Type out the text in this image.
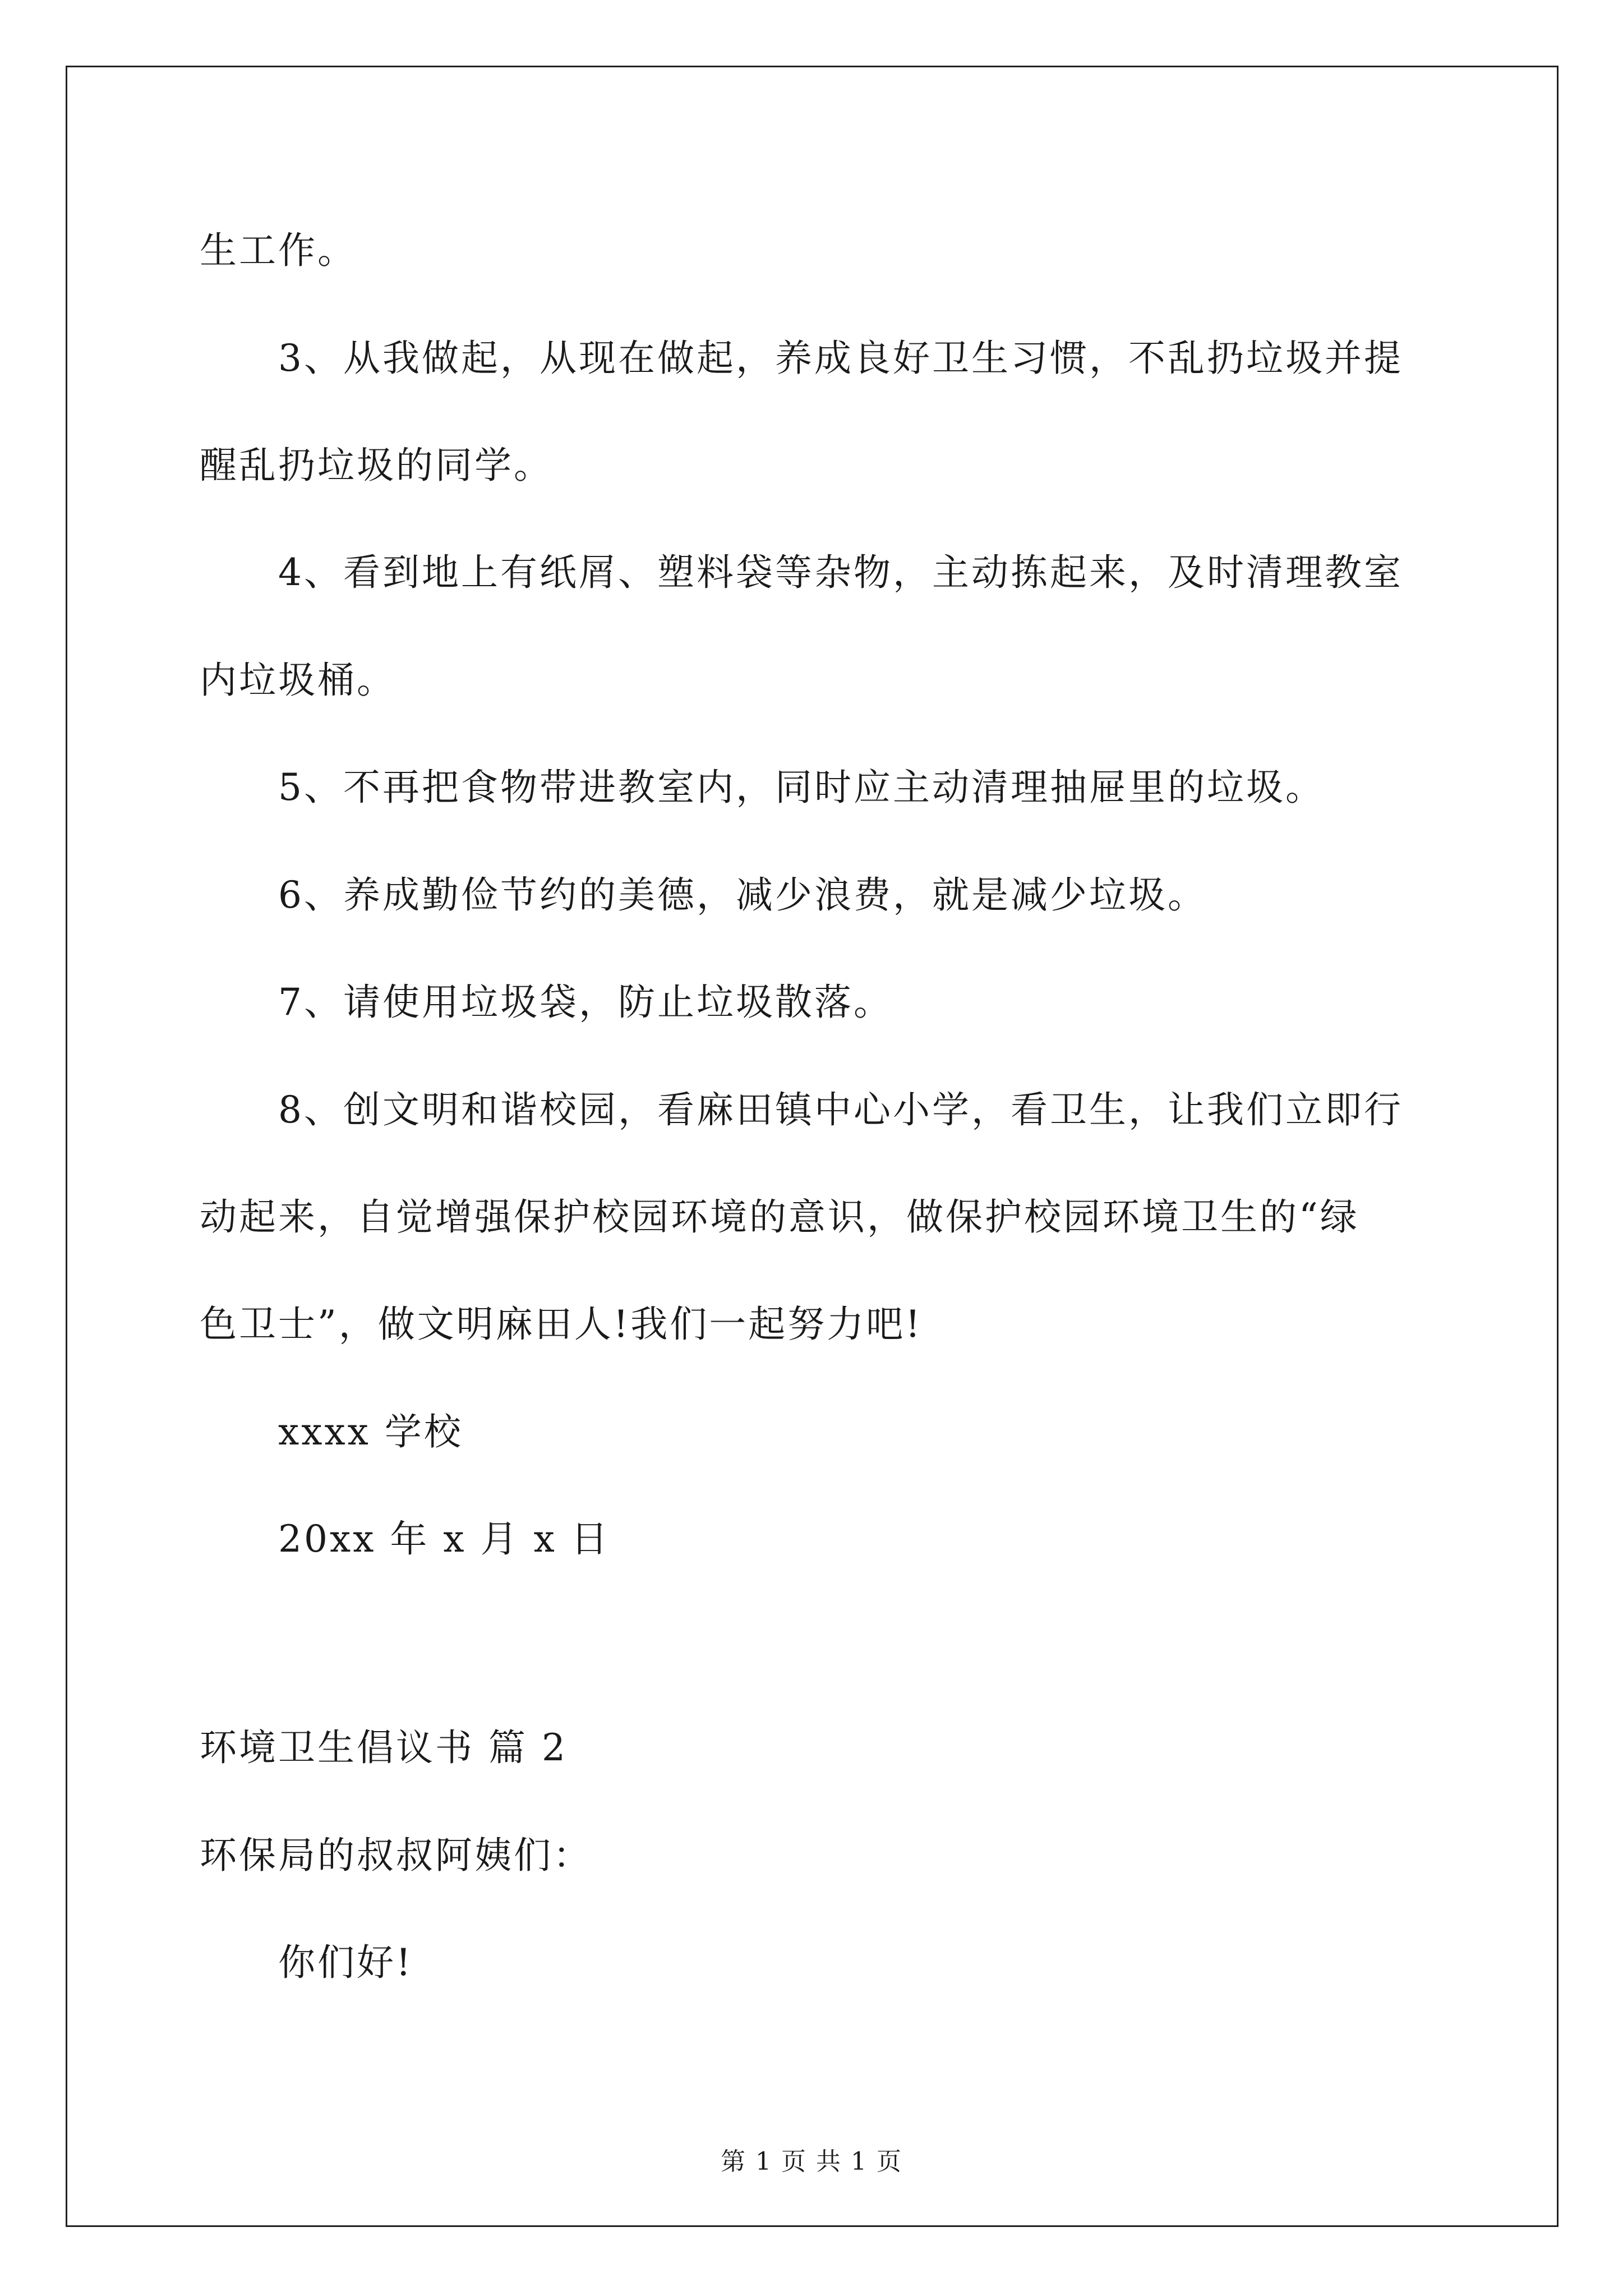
生工作。

3、从我做起，从现在做起，养成良好卫生习惯，不乱扔垃圾并提

醒乱扔垃圾的同学。

4、看到地上有纸屑、塑料袋等杂物，主动拣起来，及时清理教室

内垃圾桶。

5、不再把食物带进教室内，同时应主动清理抽屉里的垃圾。

6、养成勤俭节约的美德，减少浪费，就是减少垃圾。

7、请使用垃圾袋，防止垃圾散落。

8、创文明和谐校园，看麻田镇中心小学，看卫生，让我们立即行

动起来，自觉增强保护校园环境的意识，做保护校园环境卫生的“绿

色卫士”，做文明麻田人!我们一起努力吧!

xxxx 学校

20xx 年 x 月 x 日

环境卫生倡议书 篇 2

环保局的叔叔阿姨们：

你们好!

第 1 页 共 1 页
